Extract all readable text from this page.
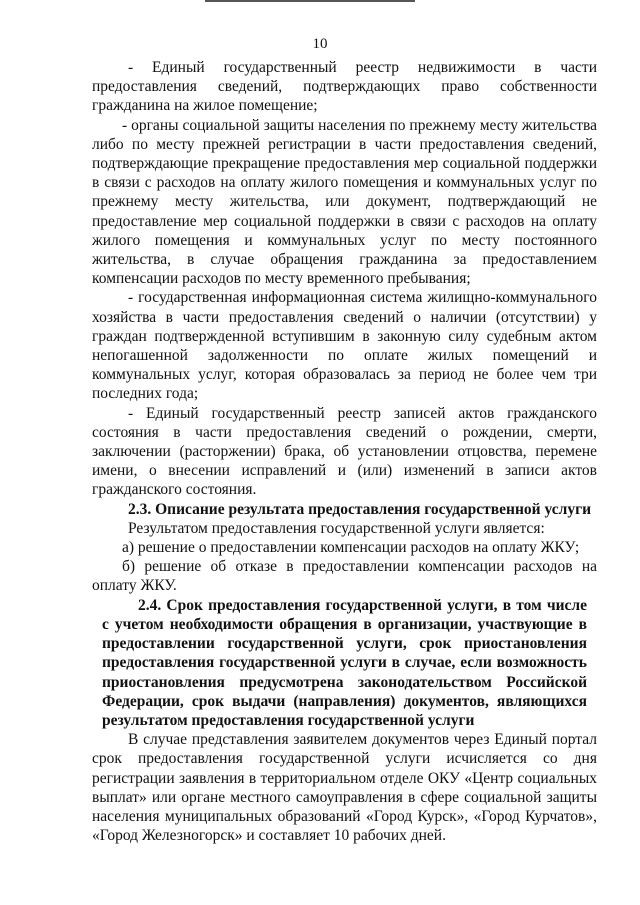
10

- Единый государственный реестр недвижимости в части предоставления сведений, подтверждающих право собственности гражданина на жилое помещение;

- органы социальной защиты населения по прежнему месту жительства либо по месту прежней регистрации в части предоставления сведений, подтверждающие прекращение предоставления мер социальной поддержки в связи с расходов на оплату жилого помещения и коммунальных услуг по прежнему месту жительства, или документ, подтверждающий не предоставление мер социальной поддержки в связи с расходов на оплату жилого помещения и коммунальных услуг по месту постоянного жительства, в случае обращения гражданина за предоставлением компенсации расходов по месту временного пребывания;

- государственная информационная система жилищно-коммунального хозяйства в части предоставления сведений о наличии (отсутствии) у граждан подтвержденной вступившим в законную силу судебным актом непогашенной задолженности по оплате жилых помещений и коммунальных услуг, которая образовалась за период не более чем три последних года;

- Единый государственный реестр записей актов гражданского состояния в части предоставления сведений о рождении, смерти, заключении (расторжении) брака, об установлении отцовства, перемене имени, о внесении исправлений и (или) изменений в записи актов гражданского состояния.

2.3. Описание результата предоставления государственной услуги

Результатом предоставления государственной услуги является:

а) решение о предоставлении компенсации расходов на оплату ЖКУ;

б) решение об отказе в предоставлении компенсации расходов на оплату ЖКУ.

2.4. Срок предоставления государственной услуги, в том числе с учетом необходимости обращения в организации, участвующие в предоставлении государственной услуги, срок приостановления предоставления государственной услуги в случае, если возможность приостановления предусмотрена законодательством Российской Федерации, срок выдачи (направления) документов, являющихся результатом предоставления государственной услуги

В случае представления заявителем документов через Единый портал срок предоставления государственной услуги исчисляется со дня регистрации заявления в территориальном отделе ОКУ «Центр социальных выплат» или органе местного самоуправления в сфере социальной защиты населения муниципальных образований «Город Курск», «Город Курчатов», «Город Железногорск» и составляет 10 рабочих дней.
